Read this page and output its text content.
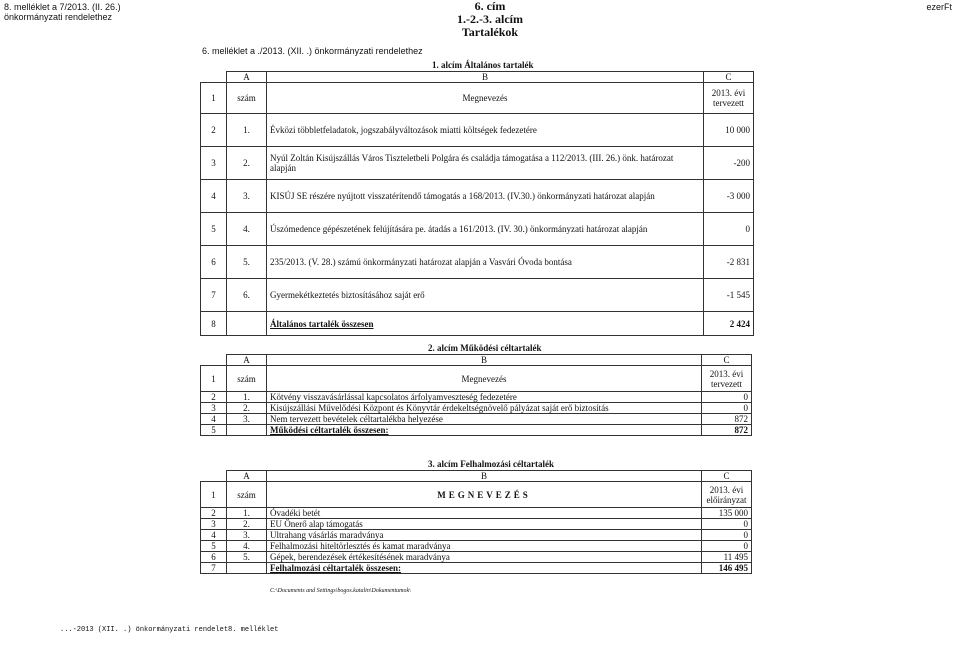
8. melléklet a 7/2013. (II. 26.)
önkormányzati rendelethez
6. cím
1.-2.-3. alcím
Tartalékok
ezerFt
6. melléklet a ./2013. (XII. .) önkormányzati rendelethez
1. alcím Általános tartalék
	A	B	C
1	szám	Megnevezés	2013. évi
tervezett

2	1.	Évközi többletfeladatok, jogszabályváltozások miatti költségek fedezetére	10 000
3	2.	Nyúl Zoltán Kisújszállás Város Tiszteletbeli Polgára és családja támogatása a 112/2013. (III. 26.) önk. határozat alapján	-200
4	3.	KISÚJ SE részére nyújtott visszatérítendő támogatás a 168/2013. (IV.30.) önkormányzati határozat alapján	-3 000
5	4.	Úszómedence gépészetének felújítására pe. átadás a 161/2013. (IV. 30.) önkormányzati határozat alapján	0
6	5.	235/2013. (V. 28.) számú önkormányzati határozat alapján a Vasvári Óvoda bontása	-2 831
7	6.	Gyermekétkeztetés biztosításához saját erő	-1 545
8		Általános tartalék összesen	2 424
2. alcím Működési céltartalék
	A	B	C
1	szám	Megnevezés	2013. évi
tervezett

2	1.	Kötvény visszavásárlással kapcsolatos árfolyamveszteség fedezetére	0
3	2.	Kisújszállási Művelődési Központ és Könyvtár érdekeltségnövelő pályázat saját erő biztosítás	0
4	3.	Nem tervezett bevételek céltartalékba helyezése	872
5		Működési céltartalék összesen:	872
3. alcím Felhalmozási céltartalék
	A	B	C
1	szám	MEGNEVEZÉS	2013. évi
előirányzat

2	1.	Óvadéki betét	135 000
3	2.	EU Önerő alap támogatás	0
4	3.	Ultrahang vásárlás maradványa	0
5	4.	Felhalmozási hiteltörlesztés és kamat maradványa	0
6	5.	Gépek, berendezések értékesítésének maradványa	11 495
7		Felhalmozási céltartalék összesen:	146 495
C:\Documents and Settings\bogos.katalin\Dokumentumok\
...-2013 (XII. .) önkormányzati rendelet8. melléklet
